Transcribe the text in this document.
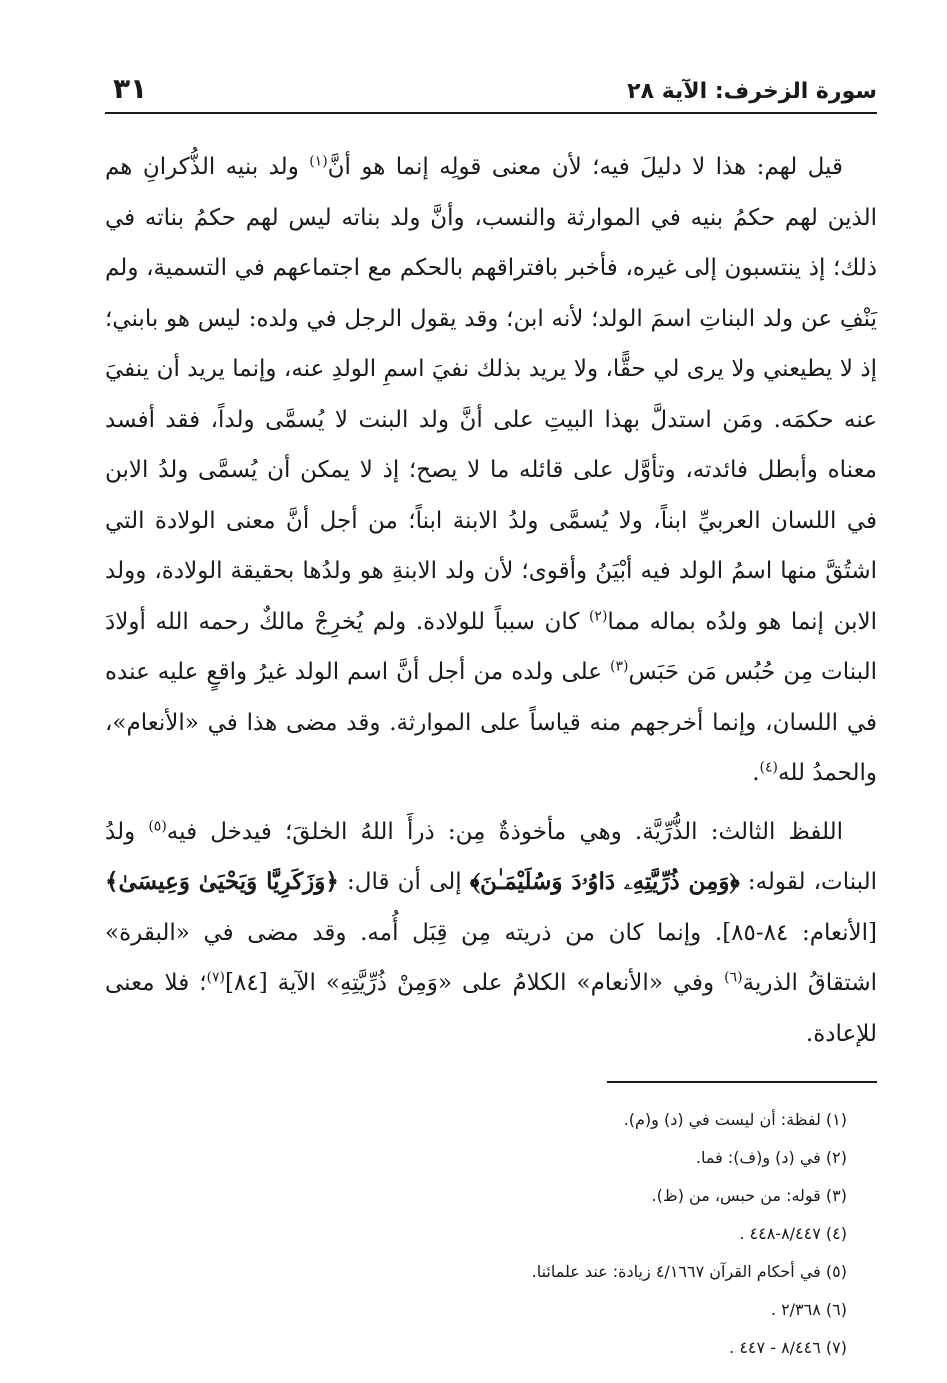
سورة الزخرف: الآية ٢٨
٣١

قيل لهم: هذا لا دليلَ فيه؛ لأن معنى قولِه إنما هو أنَّ$^{(١)}$ ولد بنيه الذُّكرانِ هم الذين لهم حكمُ بنيه في الموارثة والنسب، وأنَّ ولد بناته ليس لهم حكمُ بناته في ذلك؛ إذ ينتسبون إلى غيره، فأخبر بافتراقهم بالحكم مع اجتماعهم في التسمية، ولم يَنْفِ عن ولد البناتِ اسمَ الولد؛ لأنه ابن؛ وقد يقول الرجل في ولده: ليس هو بابني؛ إذ لا يطيعني ولا يرى لي حقًّا، ولا يريد بذلك نفيَ اسمِ الولدِ عنه، وإنما يريد أن ينفيَ عنه حكمَه. ومَن استدلَّ بهذا البيتِ على أنَّ ولد البنت لا يُسمَّى ولداً، فقد أفسد معناه وأبطل فائدته، وتأوَّل على قائله ما لا يصح؛ إذ لا يمكن أن يُسمَّى ولدُ الابن في اللسان العربيِّ ابناً، ولا يُسمَّى ولدُ الابنة ابناً؛ من أجل أنَّ معنى الولادة التي اشتُقَّ منها اسمُ الولد فيه أبْيَنُ وأقوى؛ لأن ولد الابنةِ هو ولدُها بحقيقة الولادة، وولد الابن إنما هو ولدُه بماله مما$^{(٢)}$ كان سبباً للولادة. ولم يُخرِجْ مالكٌ رحمه الله أولادَ البنات مِن حُبُس مَن حَبَس$^{(٣)}$ على ولده من أجل أنَّ اسم الولد غيرُ واقعٍ عليه عنده في اللسان، وإنما أخرجهم منه قياساً على الموارثة. وقد مضى هذا في «الأنعام»، والحمدُ لله$^{(٤)}$.

اللفظ الثالث: الذُّرِّيَّة. وهي مأخوذةٌ مِن: ذرأَ اللهُ الخلقَ؛ فيدخل فيه$^{(٥)}$ ولدُ البنات، لقوله: ﴿وَمِن ذُرِّيَّتِهِۦ دَاوُۥدَ وَسُلَيْمَـٰنَ﴾ إلى أن قال: ﴿وَزَكَرِيَّا وَيَحْيَىٰ وَعِيسَىٰ﴾ [الأنعام: ٨٤-٨٥]. وإنما كان من ذريته مِن قِبَل أُمه. وقد مضى في «البقرة» اشتقاقُ الذرية$^{(٦)}$ وفي «الأنعام» الكلامُ على «وَمِنْ ذُرِّيَّتِهِ» الآية [٨٤]$^{(٧)}$؛ فلا معنى للإعادة.

(١) لفظة: أن ليست في (د) و(م).
(٢) في (د) و(ف): فما.
(٣) قوله: من حبس، من (ظ).
(٤) ٨/٤٤٧-٤٤٨ .
(٥) في أحكام القرآن ٤/١٦٦٧ زيادة: عند علمائنا.
(٦) ٢/٣٦٨ .
(٧) ٨/٤٤٦ - ٤٤٧ .
